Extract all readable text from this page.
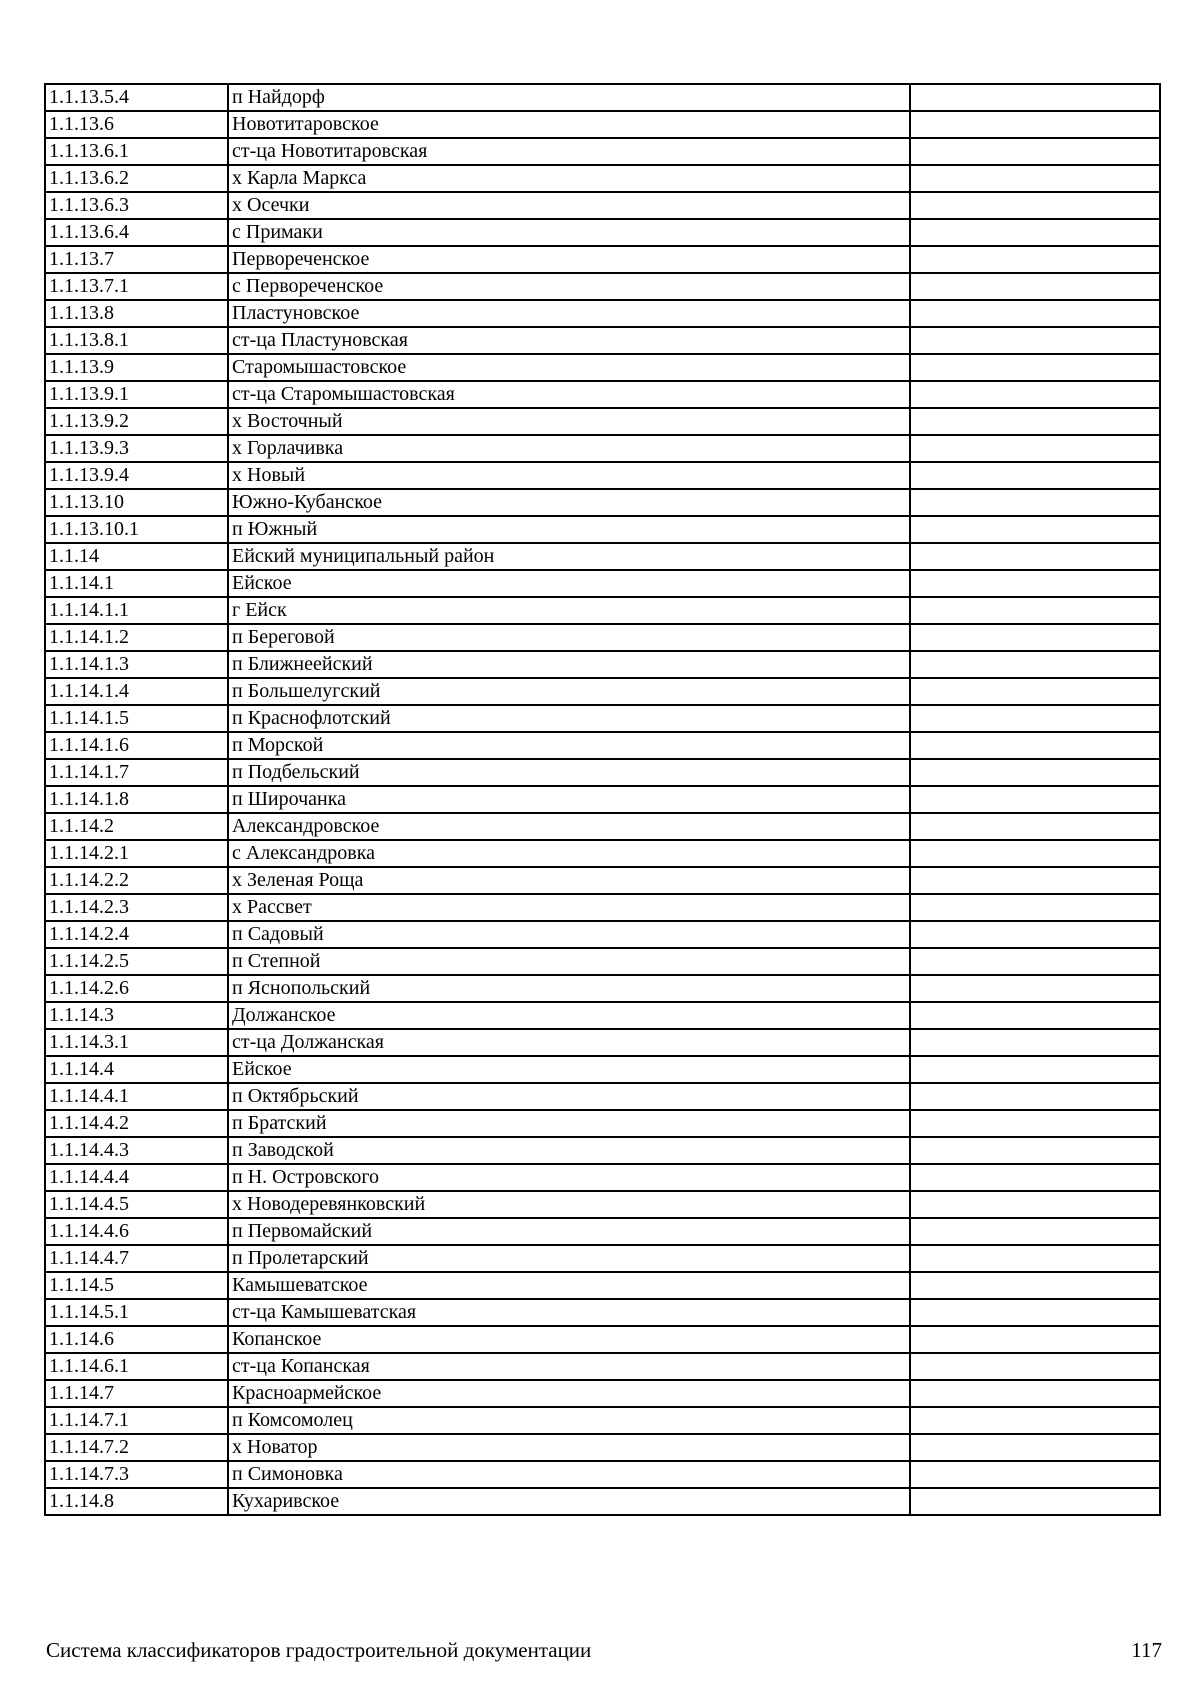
1.1.13.5.4	п Найдорф	
1.1.13.6	Новотитаровское	
1.1.13.6.1	ст-ца Новотитаровская	
1.1.13.6.2	х Карла Маркса	
1.1.13.6.3	х Осечки	
1.1.13.6.4	с Примаки	
1.1.13.7	Первореченское	
1.1.13.7.1	с Первореченское	
1.1.13.8	Пластуновское	
1.1.13.8.1	ст-ца Пластуновская	
1.1.13.9	Старомышастовское	
1.1.13.9.1	ст-ца Старомышастовская	
1.1.13.9.2	х Восточный	
1.1.13.9.3	х Горлачивка	
1.1.13.9.4	х Новый	
1.1.13.10	Южно-Кубанское	
1.1.13.10.1	п Южный	
1.1.14	Ейский муниципальный район	
1.1.14.1	Ейское	
1.1.14.1.1	г Ейск	
1.1.14.1.2	п Береговой	
1.1.14.1.3	п Ближнеейский	
1.1.14.1.4	п Большелугский	
1.1.14.1.5	п Краснофлотский	
1.1.14.1.6	п Морской	
1.1.14.1.7	п Подбельский	
1.1.14.1.8	п Широчанка	
1.1.14.2	Александровское	
1.1.14.2.1	с Александровка	
1.1.14.2.2	х Зеленая Роща	
1.1.14.2.3	х Рассвет	
1.1.14.2.4	п Садовый	
1.1.14.2.5	п Степной	
1.1.14.2.6	п Яснопольский	
1.1.14.3	Должанское	
1.1.14.3.1	ст-ца Должанская	
1.1.14.4	Ейское	
1.1.14.4.1	п Октябрьский	
1.1.14.4.2	п Братский	
1.1.14.4.3	п Заводской	
1.1.14.4.4	п Н. Островского	
1.1.14.4.5	х Новодеревянковский	
1.1.14.4.6	п Первомайский	
1.1.14.4.7	п Пролетарский	
1.1.14.5	Камышеватское	
1.1.14.5.1	ст-ца Камышеватская	
1.1.14.6	Копанское	
1.1.14.6.1	ст-ца Копанская	
1.1.14.7	Красноармейское	
1.1.14.7.1	п Комсомолец	
1.1.14.7.2	х Новатор	
1.1.14.7.3	п Симоновка	
1.1.14.8	Кухаривское	
Система классификаторов градостроительной документации	117
